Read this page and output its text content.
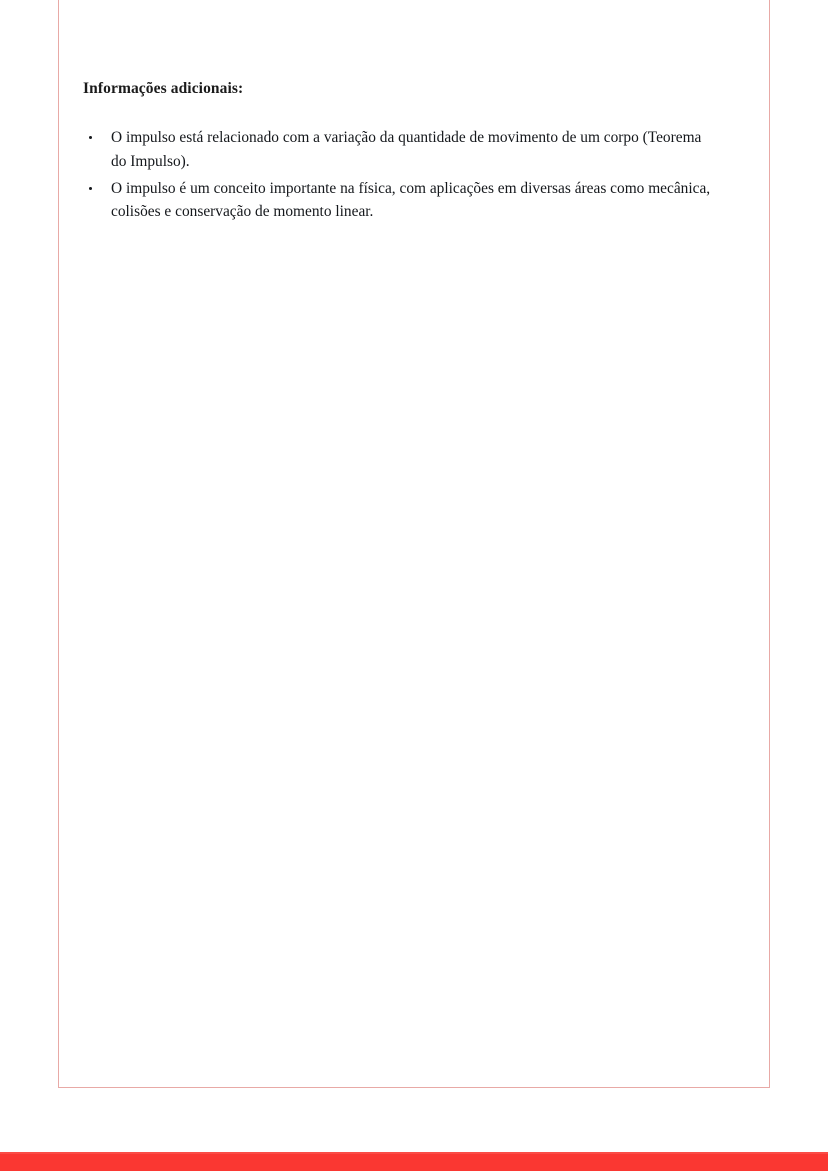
Informações adicionais:
O impulso está relacionado com a variação da quantidade de movimento de um corpo (Teorema do Impulso).
O impulso é um conceito importante na física, com aplicações em diversas áreas como mecânica, colisões e conservação de momento linear.
